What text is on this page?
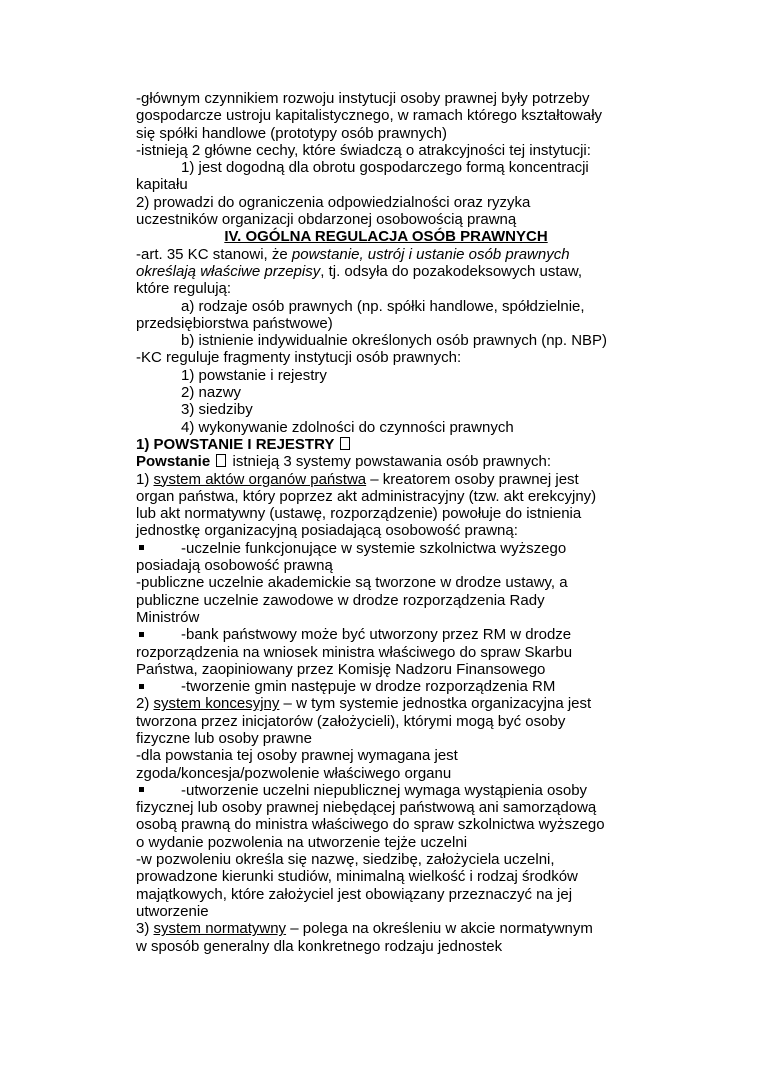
-głównym czynnikiem rozwoju instytucji osoby prawnej były potrzeby
gospodarcze ustroju kapitalistycznego, w ramach którego kształtowały
się spółki handlowe (prototypy osób prawnych)
-istnieją 2 główne cechy, które świadczą o atrakcyjności tej instytucji:
1) jest dogodną dla obrotu gospodarczego formą koncentracji
kapitału
2) prowadzi do ograniczenia odpowiedzialności oraz ryzyka
uczestników organizacji obdarzonej osobowością prawną
IV. OGÓLNA REGULACJA OSÓB PRAWNYCH
-art. 35 KC stanowi, że powstanie, ustrój i ustanie osób prawnych
określają właściwe przepisy, tj. odsyła do pozakodeksowych ustaw,
które regulują:
a) rodzaje osób prawnych (np. spółki handlowe, spółdzielnie,
przedsiębiorstwa państwowe)
b) istnienie indywidualnie określonych osób prawnych (np. NBP)
-KC reguluje fragmenty instytucji osób prawnych:
1) powstanie i rejestry
2) nazwy
3) siedziby
4) wykonywanie zdolności do czynności prawnych
1) POWSTANIE I REJESTRY
Powstanie  istnieją 3 systemy powstawania osób prawnych:
1) system aktów organów państwa – kreatorem osoby prawnej jest
organ państwa, który poprzez akt administracyjny (tzw. akt erekcyjny)
lub akt normatywny (ustawę, rozporządzenie) powołuje do istnienia
jednostkę organizacyjną posiadającą osobowość prawną:
-uczelnie funkcjonujące w systemie szkolnictwa wyższego
posiadają osobowość prawną
-publiczne uczelnie akademickie są tworzone w drodze ustawy, a
publiczne uczelnie zawodowe w drodze rozporządzenia Rady
Ministrów
-bank państwowy może być utworzony przez RM w drodze
rozporządzenia na wniosek ministra właściwego do spraw Skarbu
Państwa, zaopiniowany przez Komisję Nadzoru Finansowego
-tworzenie gmin następuje w drodze rozporządzenia RM
2) system koncesyjny – w tym systemie jednostka organizacyjna jest
tworzona przez inicjatorów (założycieli), którymi mogą być osoby
fizyczne lub osoby prawne
-dla powstania tej osoby prawnej wymagana jest
zgoda/koncesja/pozwolenie właściwego organu
-utworzenie uczelni niepublicznej wymaga wystąpienia osoby
fizycznej lub osoby prawnej niebędącej państwową ani samorządową
osobą prawną do ministra właściwego do spraw szkolnictwa wyższego
o wydanie pozwolenia na utworzenie tejże uczelni
-w pozwoleniu określa się nazwę, siedzibę, założyciela uczelni,
prowadzone kierunki studiów, minimalną wielkość i rodzaj środków
majątkowych, które założyciel jest obowiązany przeznaczyć na jej
utworzenie
3) system normatywny – polega na określeniu w akcie normatywnym
w sposób generalny dla konkretnego rodzaju jednostek
